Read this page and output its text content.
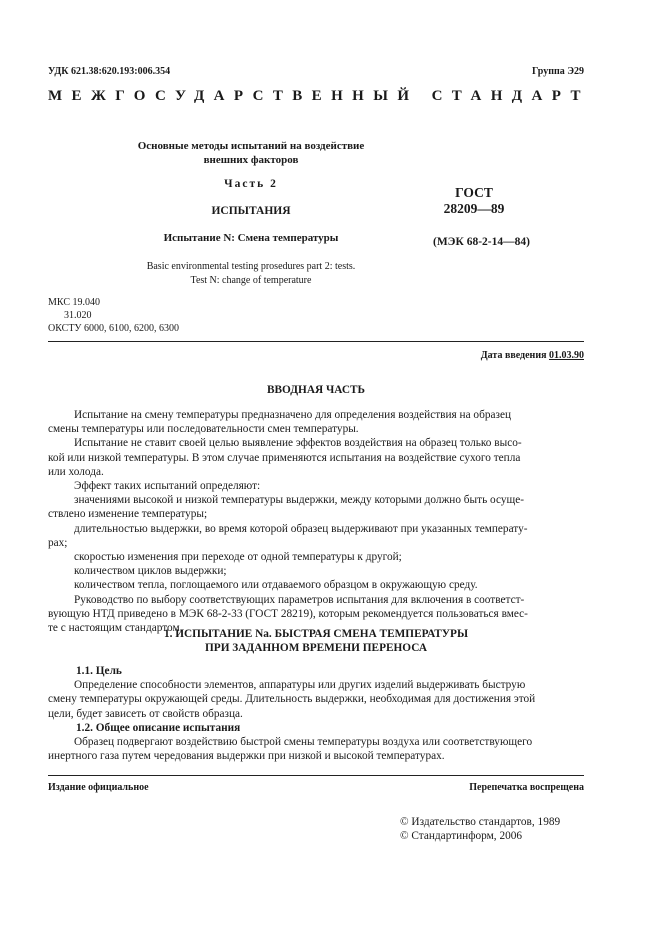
УДК 621.38:620.193:006.354	Группа Э29
МЕЖГОСУДАРСТВЕННЫЙ СТАНДАРТ
Основные методы испытаний на воздействие
внешних факторов
Часть 2
ИСПЫТАНИЯ
Испытание N: Смена температуры
Basic environmental testing prosedures part 2: tests.
Test N: change of temperature
ГОСТ
28209—89
(МЭК 68-2-14—84)
МКС 19.040
31.020
ОКСТУ 6000, 6100, 6200, 6300
Дата введения 01.03.90
ВВОДНАЯ ЧАСТЬ
Испытание на смену температуры предназначено для определения воздействия на образец
смены температуры или последовательности смен температуры.
Испытание не ставит своей целью выявление эффектов воздействия на образец только высо-
кой или низкой температуры. В этом случае применяются испытания на воздействие сухого тепла
или холода.
Эффект таких испытаний определяют:
значениями высокой и низкой температуры выдержки, между которыми должно быть осуще-
ствлено изменение температуры;
длительностью выдержки, во время которой образец выдерживают при указанных температу-
рах;
скоростью изменения при переходе от одной температуры к другой;
количеством циклов выдержки;
количеством тепла, поглощаемого или отдаваемого образцом в окружающую среду.
Руководство по выбору соответствующих параметров испытания для включения в соответст-
вующую НТД приведено в МЭК 68-2-33 (ГОСТ 28219), которым рекомендуется пользоваться вмес-
те с настоящим стандартом.
1. ИСПЫТАНИЕ Na. БЫСТРАЯ СМЕНА ТЕМПЕРАТУРЫ
ПРИ ЗАДАННОМ ВРЕМЕНИ ПЕРЕНОСА
1.1. Цель
Определение способности элементов, аппаратуры или других изделий выдерживать быструю
смену температуры окружающей среды. Длительность выдержки, необходимая для достижения этой
цели, будет зависеть от свойств образца.
1.2. Общее описание испытания
Образец подвергают воздействию быстрой смены температуры воздуха или соответствующего
инертного газа путем чередования выдержки при низкой и высокой температурах.
Издание официальное	Перепечатка воспрещена
© Издательство стандартов, 1989
© Стандартинформ, 2006
